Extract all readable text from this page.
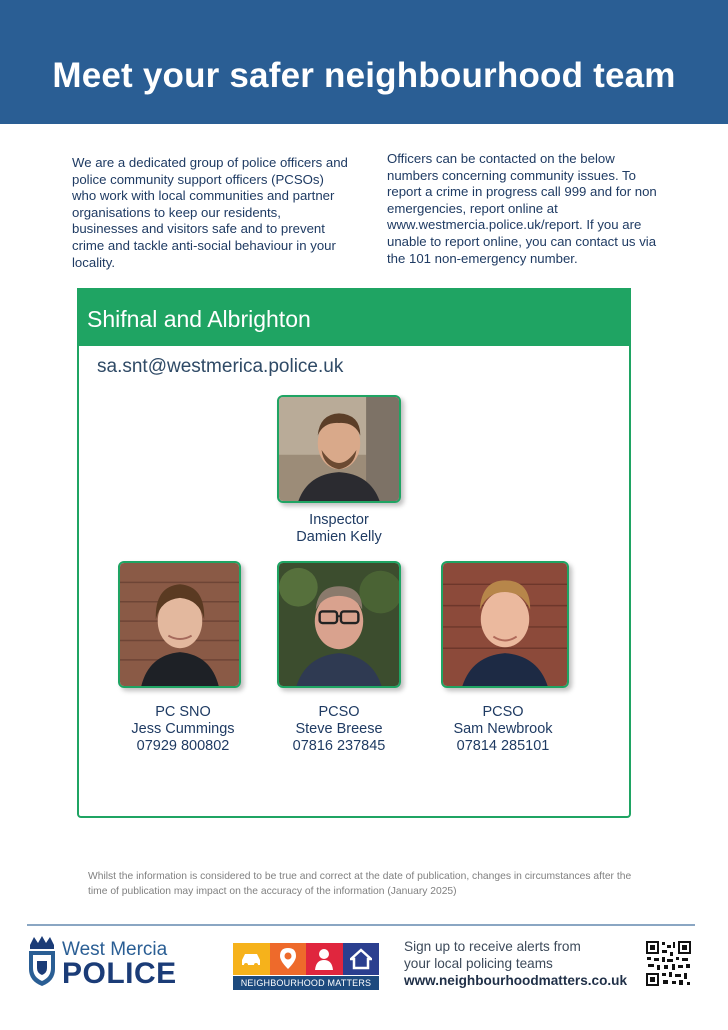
Meet your safer neighbourhood team

We are a dedicated group of police officers and police community support officers (PCSOs) who work with local communities and partner organisations to keep our residents, businesses and visitors safe and to prevent crime and tackle anti-social behaviour in your locality.

Officers can be contacted on the below numbers concerning community issues. To report a crime in progress call 999 and for non emergencies, report online at www.westmercia.police.uk/report. If you are unable to report online, you can contact us via the 101 non-emergency number.

Shifnal and Albrighton
sa.snt@westmerica.police.uk
Inspector
Damien Kelly
PC SNO
Jess Cummings
07929 800802
PCSO
Steve Breese
07816 237845
PCSO
Sam Newbrook
07814 285101

Whilst the information is considered to be true and correct at the date of publication, changes in circumstances after the time of publication may impact on the accuracy of the information (January 2025)

West Mercia
POLICE	NEIGHBOURHOOD MATTERS
Sign up to receive alerts from
your local policing teams
www.neighbourhoodmatters.co.uk
